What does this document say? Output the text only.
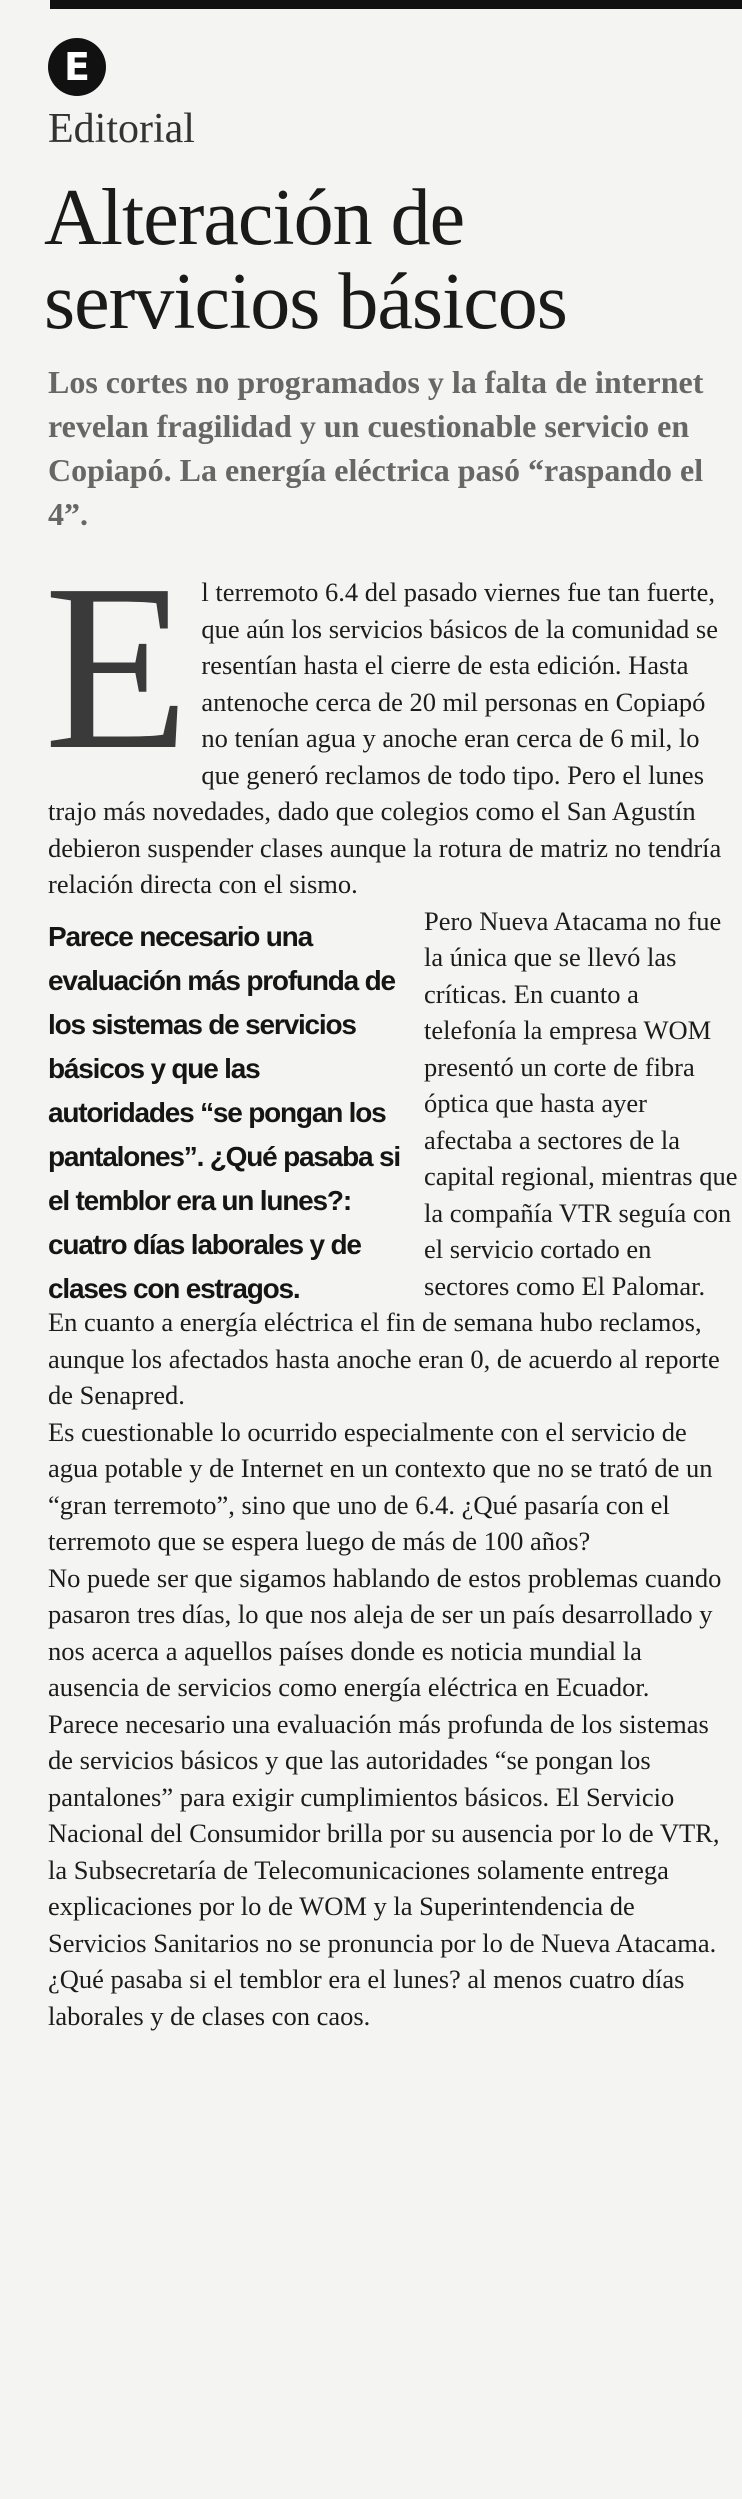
E
Editorial
Alteración de servicios básicos
Los cortes no programados y la falta de internet revelan fragilidad y un cuestionable servicio en Copiapó. La energía eléctrica pasó “raspando el 4”.

E l terremoto 6.4 del pasado viernes fue tan fuerte, que aún los servicios básicos de la comunidad se resentían hasta el cierre de esta edición. Hasta antenoche cerca de 20 mil personas en Copiapó no tenían agua y anoche eran cerca de 6 mil, lo que generó reclamos de todo tipo. Pero el lunes trajo más novedades, dado que colegios como el San Agustín debieron suspender clases aunque la rotura de matriz no tendría relación directa con el sismo.

Parece necesario una evaluación más profunda de los sistemas de servicios básicos y que las autoridades “se pongan los pantalones”. ¿Qué pasaba si el temblor era un lunes?: cuatro días laborales y de clases con estragos.
Pero Nueva Atacama no fue la única que se llevó las críticas. En cuanto a telefonía la empresa WOM presentó un corte de fibra óptica que hasta ayer afectaba a sectores de la capital regional, mientras que la compañía VTR seguía con el servicio cortado en sectores como El Palomar. En cuanto a energía eléctrica el fin de semana hubo reclamos, aunque los afectados hasta anoche eran 0, de acuerdo al reporte de Senapred.

Es cuestionable lo ocurrido especialmente con el servicio de agua potable y de Internet en un contexto que no se trató de un “gran terremoto”, sino que uno de 6.4. ¿Qué pasaría con el terremoto que se espera luego de más de 100 años?

No puede ser que sigamos hablando de estos problemas cuando pasaron tres días, lo que nos aleja de ser un país desarrollado y nos acerca a aquellos países donde es noticia mundial la ausencia de servicios como energía eléctrica en Ecuador.

Parece necesario una evaluación más profunda de los sistemas de servicios básicos y que las autoridades “se pongan los pantalones” para exigir cumplimientos básicos. El Servicio Nacional del Consumidor brilla por su ausencia por lo de VTR, la Subsecretaría de Telecomunicaciones solamente entrega explicaciones por lo de WOM y la Superintendencia de Servicios Sanitarios no se pronuncia por lo de Nueva Atacama. ¿Qué pasaba si el temblor era el lunes? al menos cuatro días laborales y de clases con caos.
